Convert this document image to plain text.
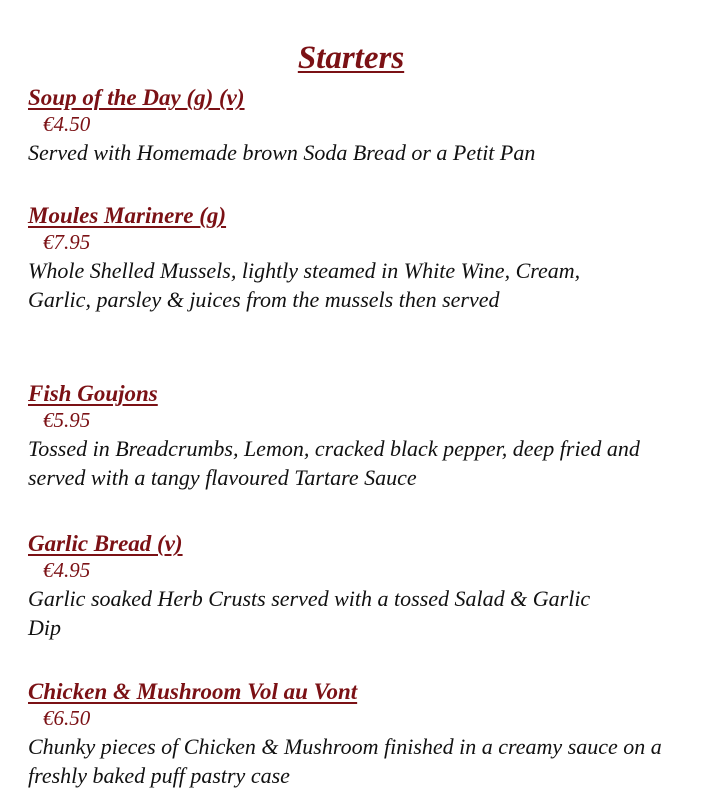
Starters
Soup of the Day (g) (v)
€4.50
Served with Homemade brown Soda Bread or a Petit Pan
Moules Marinere (g)
€7.95
Whole Shelled Mussels, lightly steamed in White Wine, Cream, Garlic, parsley & juices from the mussels then served
Fish Goujons
€5.95
Tossed in Breadcrumbs, Lemon, cracked black pepper, deep fried and served with a tangy flavoured Tartare Sauce
Garlic Bread (v)
€4.95
Garlic soaked Herb Crusts served with a tossed Salad & Garlic Dip
Chicken & Mushroom Vol au Vont
€6.50
Chunky pieces of Chicken & Mushroom finished in a creamy sauce on a freshly baked puff pastry case
